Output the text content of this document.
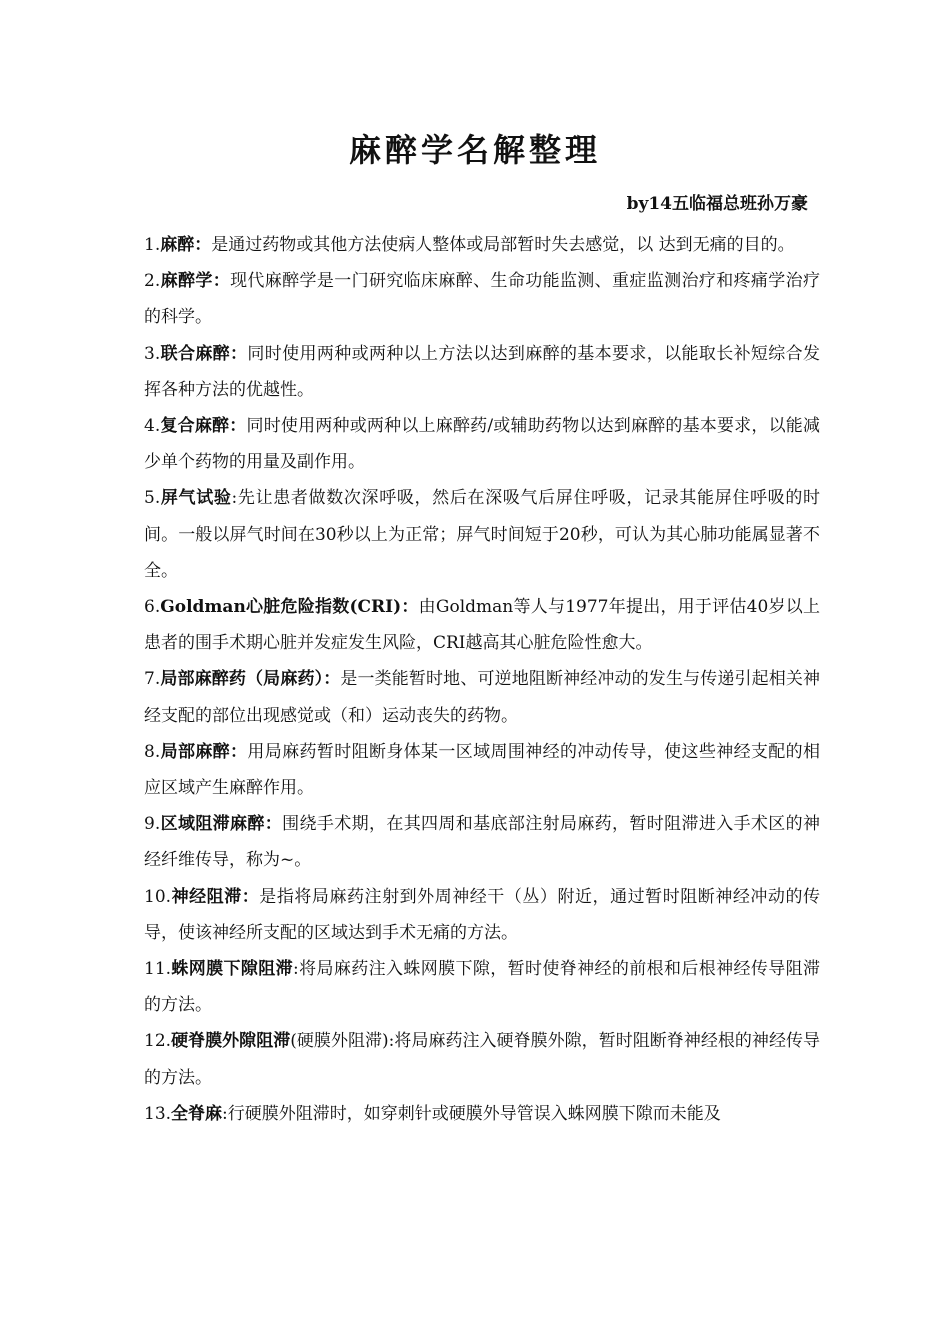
麻醉学名解整理
by14五临福总班孙万豪

1.麻醉：是通过药物或其他方法使病人整体或局部暂时失去感觉，以 达到无痛的目的。

2.麻醉学：现代麻醉学是一门研究临床麻醉、生命功能监测、重症监测治疗和疼痛学治疗的科学。

3.联合麻醉：同时使用两种或两种以上方法以达到麻醉的基本要求，以能取长补短综合发挥各种方法的优越性。

4.复合麻醉：同时使用两种或两种以上麻醉药/或辅助药物以达到麻醉的基本要求，以能减少单个药物的用量及副作用。

5.屏气试验:先让患者做数次深呼吸，然后在深吸气后屏住呼吸，记录其能屏住呼吸的时间。一般以屏气时间在30秒以上为正常；屏气时间短于20秒，可认为其心肺功能属显著不全。

6.Goldman心脏危险指数(CRI)：由Goldman等人与1977年提出，用于评估40岁以上患者的围手术期心脏并发症发生风险，CRI越高其心脏危险性愈大。

7.局部麻醉药（局麻药）：是一类能暂时地、可逆地阻断神经冲动的发生与传递引起相关神经支配的部位出现感觉或（和）运动丧失的药物。

8.局部麻醉：用局麻药暂时阻断身体某一区域周围神经的冲动传导，使这些神经支配的相应区域产生麻醉作用。

9.区域阻滞麻醉：围绕手术期，在其四周和基底部注射局麻药，暂时阻滞进入手术区的神经纤维传导，称为~。

10.神经阻滞：是指将局麻药注射到外周神经干（丛）附近，通过暂时阻断神经冲动的传导，使该神经所支配的区域达到手术无痛的方法。

11.蛛网膜下隙阻滞:将局麻药注入蛛网膜下隙，暂时使脊神经的前根和后根神经传导阻滞的方法。

12.硬脊膜外隙阻滞(硬膜外阻滞):将局麻药注入硬脊膜外隙，暂时阻断脊神经根的神经传导的方法。

13.全脊麻:行硬膜外阻滞时，如穿刺针或硬膜外导管误入蛛网膜下隙而未能及
